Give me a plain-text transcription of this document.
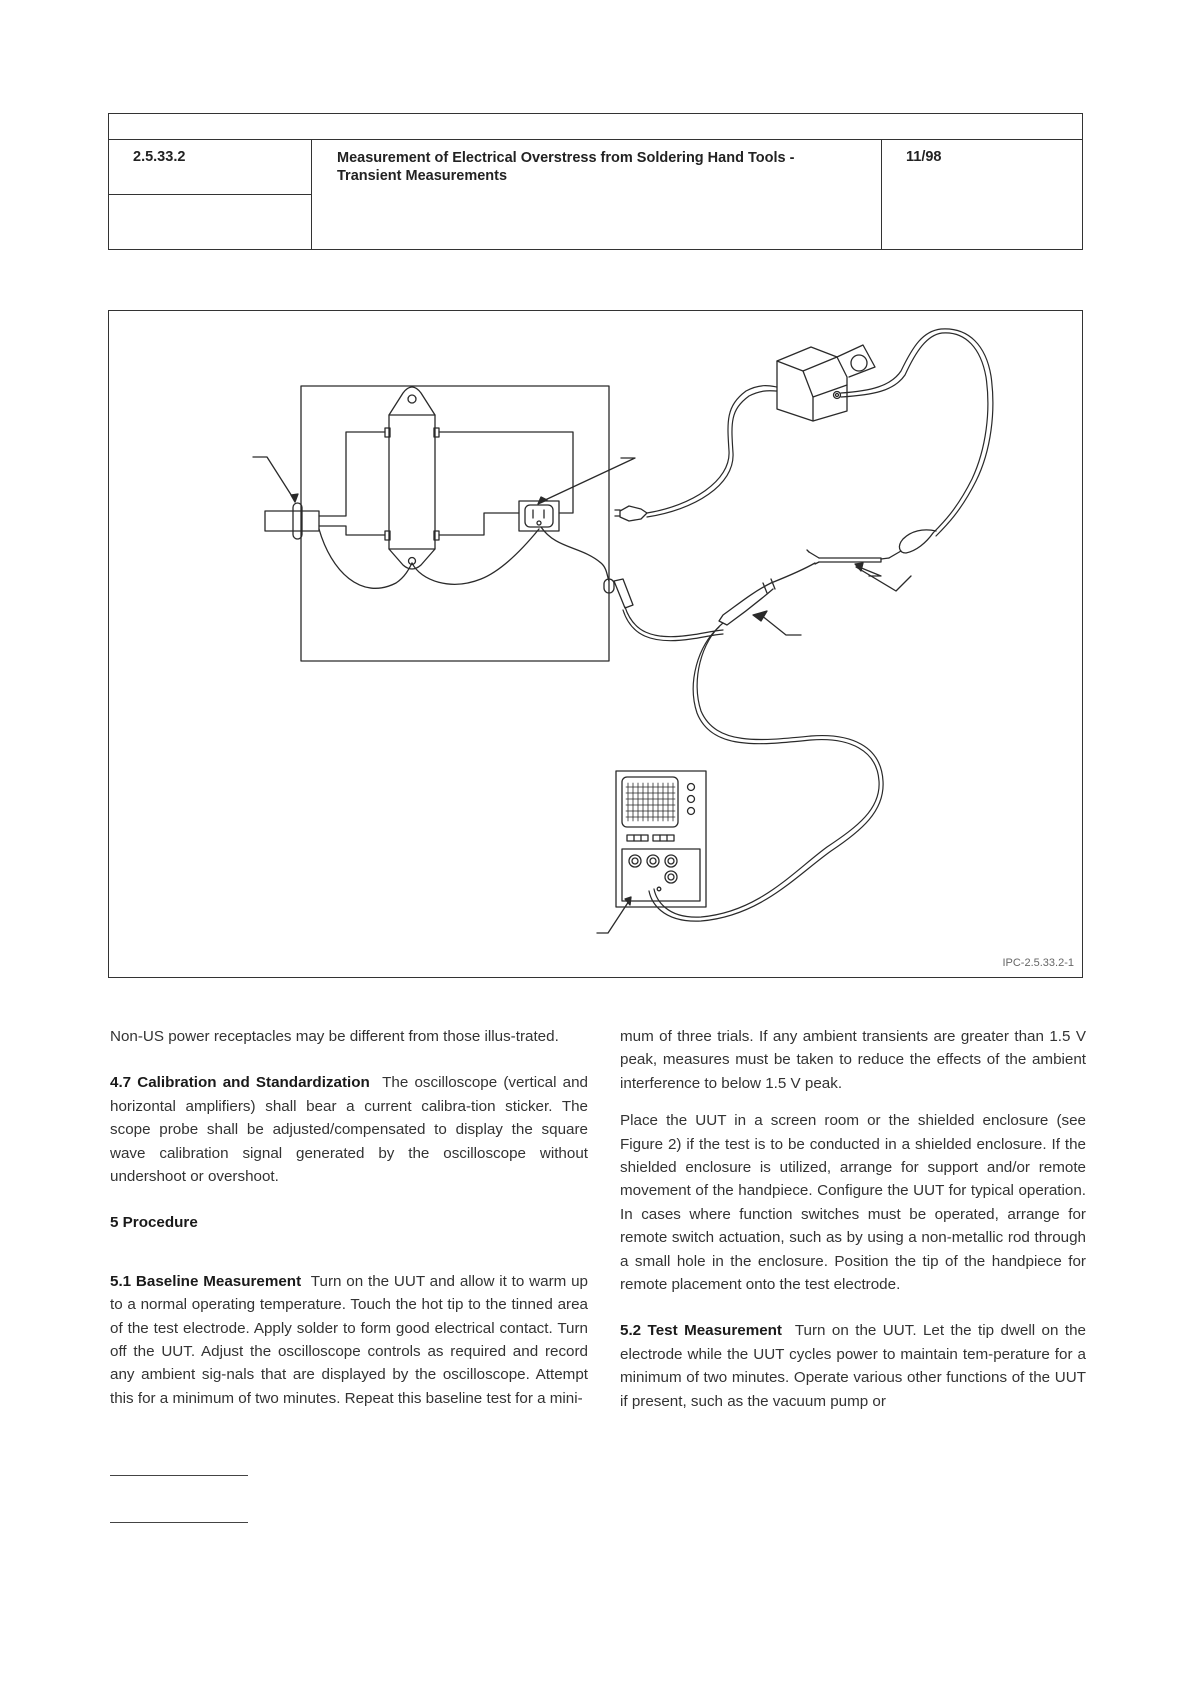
2.5.33.2	Measurement of Electrical Overstress from Soldering Hand Tools - Transient Measurements
11/98
IPC-2.5.33.2-1

Non-US power receptacles may be different from those illus-trated.

4.7 Calibration and Standardization The oscilloscope (vertical and horizontal amplifiers) shall bear a current calibra-tion sticker. The scope probe shall be adjusted/compensated to display the square wave calibration signal generated by the oscilloscope without undershoot or overshoot.

5 Procedure

5.1 Baseline Measurement Turn on the UUT and allow it to warm up to a normal operating temperature. Touch the hot tip to the tinned area of the test electrode. Apply solder to form good electrical contact. Turn off the UUT. Adjust the oscilloscope controls as required and record any ambient sig-nals that are displayed by the oscilloscope. Attempt this for a minimum of two minutes. Repeat this baseline test for a mini-

mum of three trials. If any ambient transients are greater than 1.5 V peak, measures must be taken to reduce the effects of the ambient interference to below 1.5 V peak.

Place the UUT in a screen room or the shielded enclosure (see Figure 2) if the test is to be conducted in a shielded enclosure. If the shielded enclosure is utilized, arrange for support and/or remote movement of the handpiece. Configure the UUT for typical operation. In cases where function switches must be operated, arrange for remote switch actuation, such as by using a non-metallic rod through a small hole in the enclosure. Position the tip of the handpiece for remote placement onto the test electrode.

5.2 Test Measurement Turn on the UUT. Let the tip dwell on the electrode while the UUT cycles power to maintain tem-perature for a minimum of two minutes. Operate various other functions of the UUT if present, such as the vacuum pump or
